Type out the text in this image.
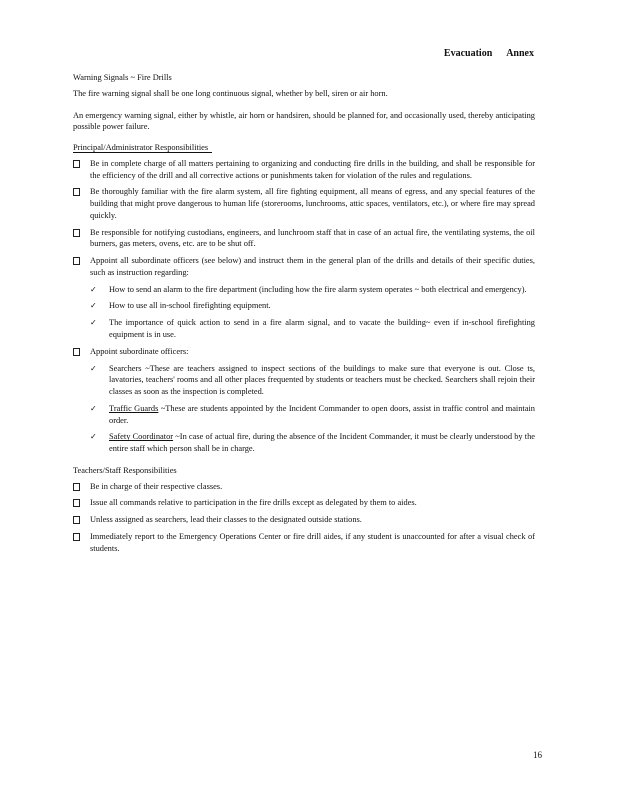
Evacuation Annex
Warning Signals ~ Fire Drills

The fire warning signal shall be one long continuous signal, whether by bell, siren or air horn.

An emergency warning signal, either by whistle, air horn or handsiren, should be planned for, and occasionally used, thereby anticipating possible power failure.

Principal/Administrator Responsibilities
Be in complete charge of all matters pertaining to organizing and conducting fire drills in the building, and shall be responsible for the efficiency of the drill and all corrective actions or punishments taken for violation of the rules and regulations.
Be thoroughly familiar with the fire alarm system, all fire fighting equipment, all means of egress, and any special features of the building that might prove dangerous to human life (storerooms, lunchrooms, attic spaces, ventilators, etc.), or where fire may spread quickly.
Be responsible for notifying custodians, engineers, and lunchroom staff that in case of an actual fire, the ventilating systems, the oil burners, gas meters, ovens, etc. are to be shut off.
Appoint all subordinate officers (see below) and instruct them in the general plan of the drills and details of their specific duties, such as instruction regarding:
✓ How to send an alarm to the fire department (including how the fire alarm system operates ~ both electrical and emergency).
✓ How to use all in-school firefighting equipment.
✓ The importance of quick action to send in a fire alarm signal, and to vacate the building~ even if in-school firefighting equipment is in use.
Appoint subordinate officers:
✓ Searchers ~These are teachers assigned to inspect sections of the buildings to make sure that everyone is out. Close ts, lavatories, teachers' rooms and all other places frequented by students or teachers must be checked. Searchers shall rejoin their classes as soon as the inspection is completed.
✓ Traffic Guards ~These are students appointed by the Incident Commander to open doors, assist in traffic control and maintain order.
✓ Safety Coordinator ~In case of actual fire, during the absence of the Incident Commander, it must be clearly understood by the entire staff which person shall be in charge.
Teachers/Staff Responsibilities
Be in charge of their respective classes.
Issue all commands relative to participation in the fire drills except as delegated by them to aides.
Unless assigned as searchers, lead their classes to the designated outside stations.
Immediately report to the Emergency Operations Center or fire drill aides, if any student is unaccounted for after a visual check of students.
16
